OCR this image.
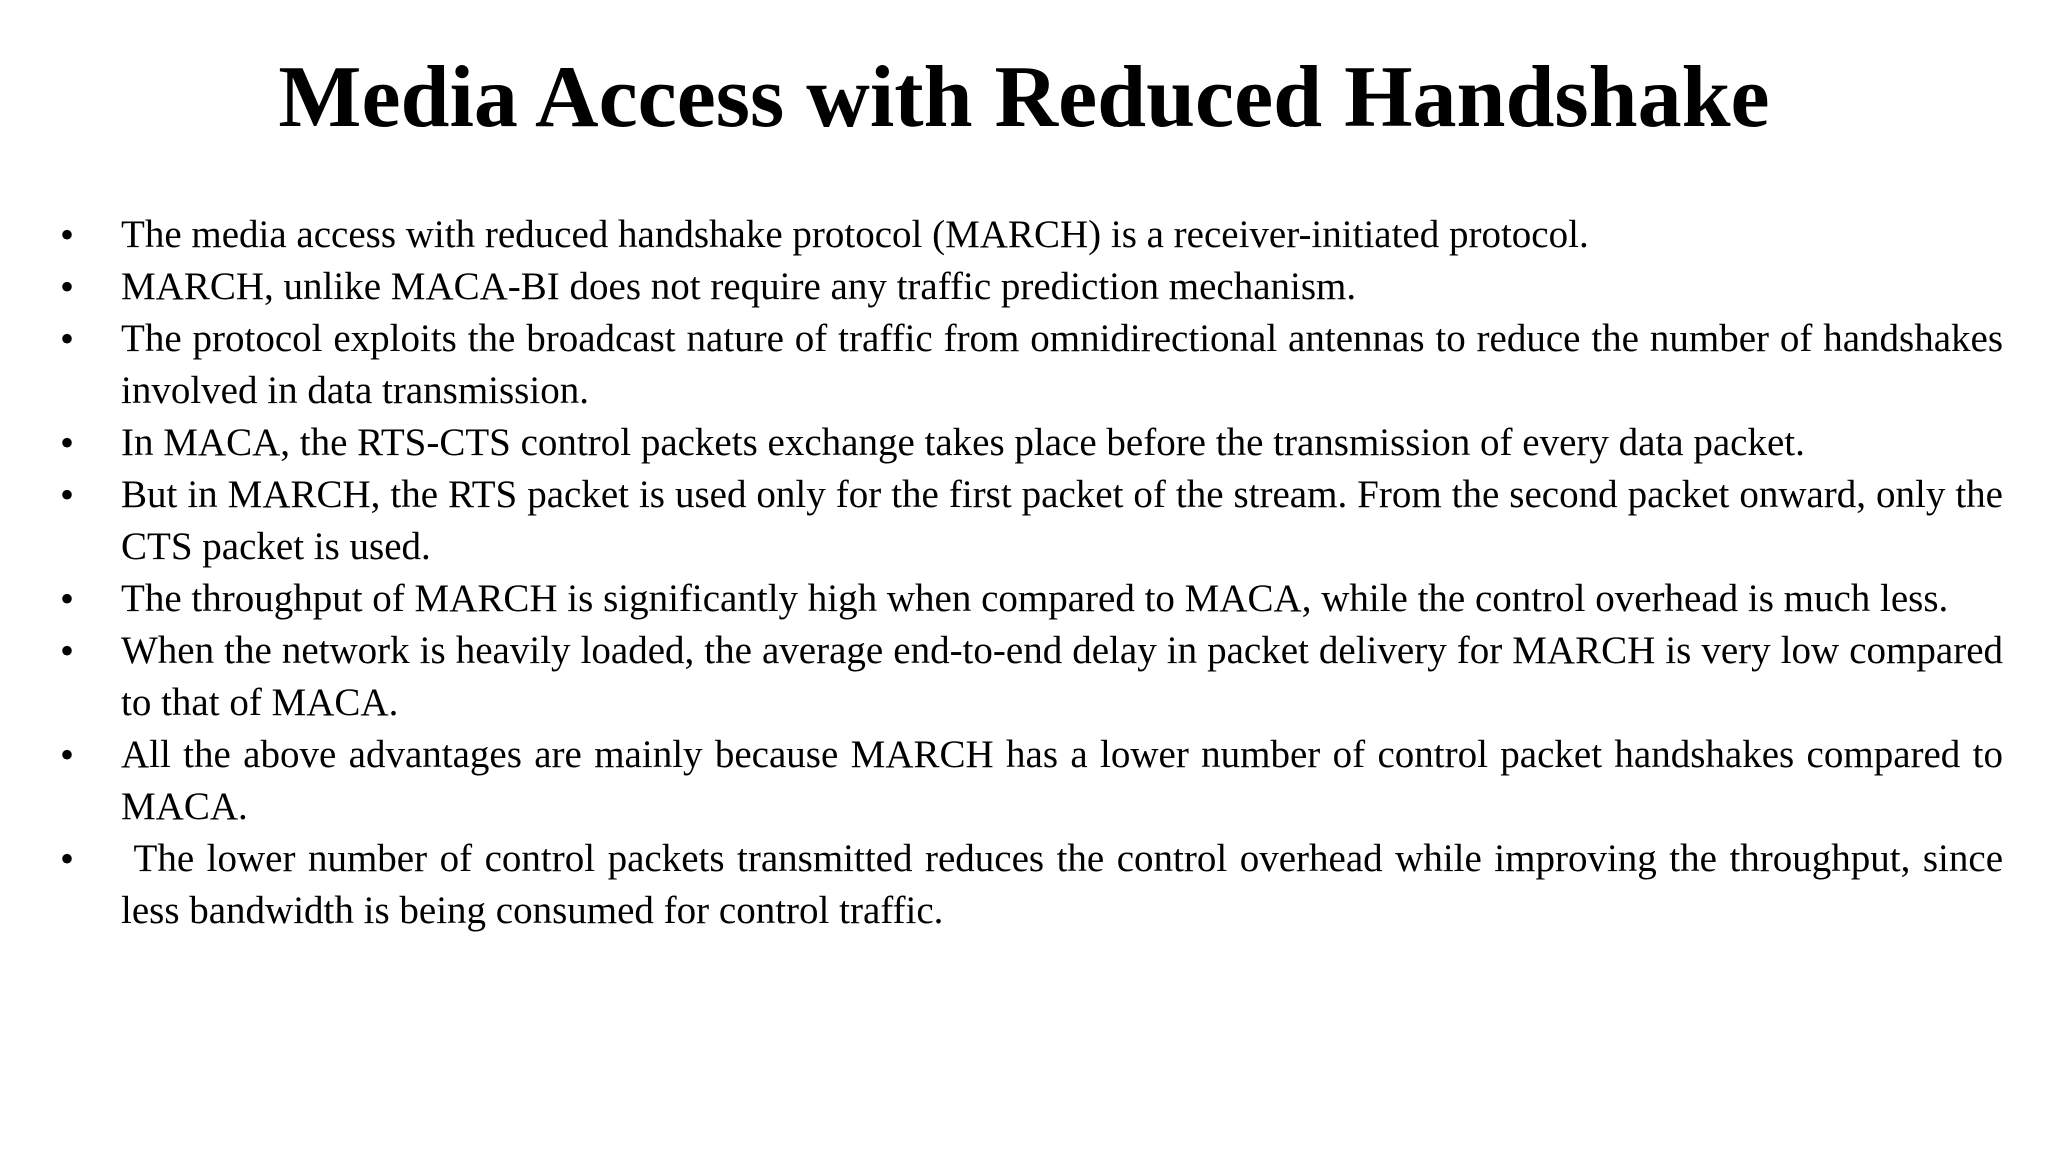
Media Access with Reduced Handshake
• The media access with reduced handshake protocol (MARCH) is a receiver-initiated protocol.
• MARCH, unlike MACA-BI does not require any traffic prediction mechanism.
• The protocol exploits the broadcast nature of traffic from omnidirectional antennas to reduce the number of handshakes involved in data transmission.
• In MACA, the RTS-CTS control packets exchange takes place before the transmission of every data packet.
• But in MARCH, the RTS packet is used only for the first packet of the stream. From the second packet onward, only the CTS packet is used.
• The throughput of MARCH is significantly high when compared to MACA, while the control overhead is much less.
• When the network is heavily loaded, the average end-to-end delay in packet delivery for MARCH is very low compared to that of MACA.
• All the above advantages are mainly because MARCH has a lower number of control packet handshakes compared to MACA.
• The lower number of control packets transmitted reduces the control overhead while improving the throughput, since less bandwidth is being consumed for control traffic.
